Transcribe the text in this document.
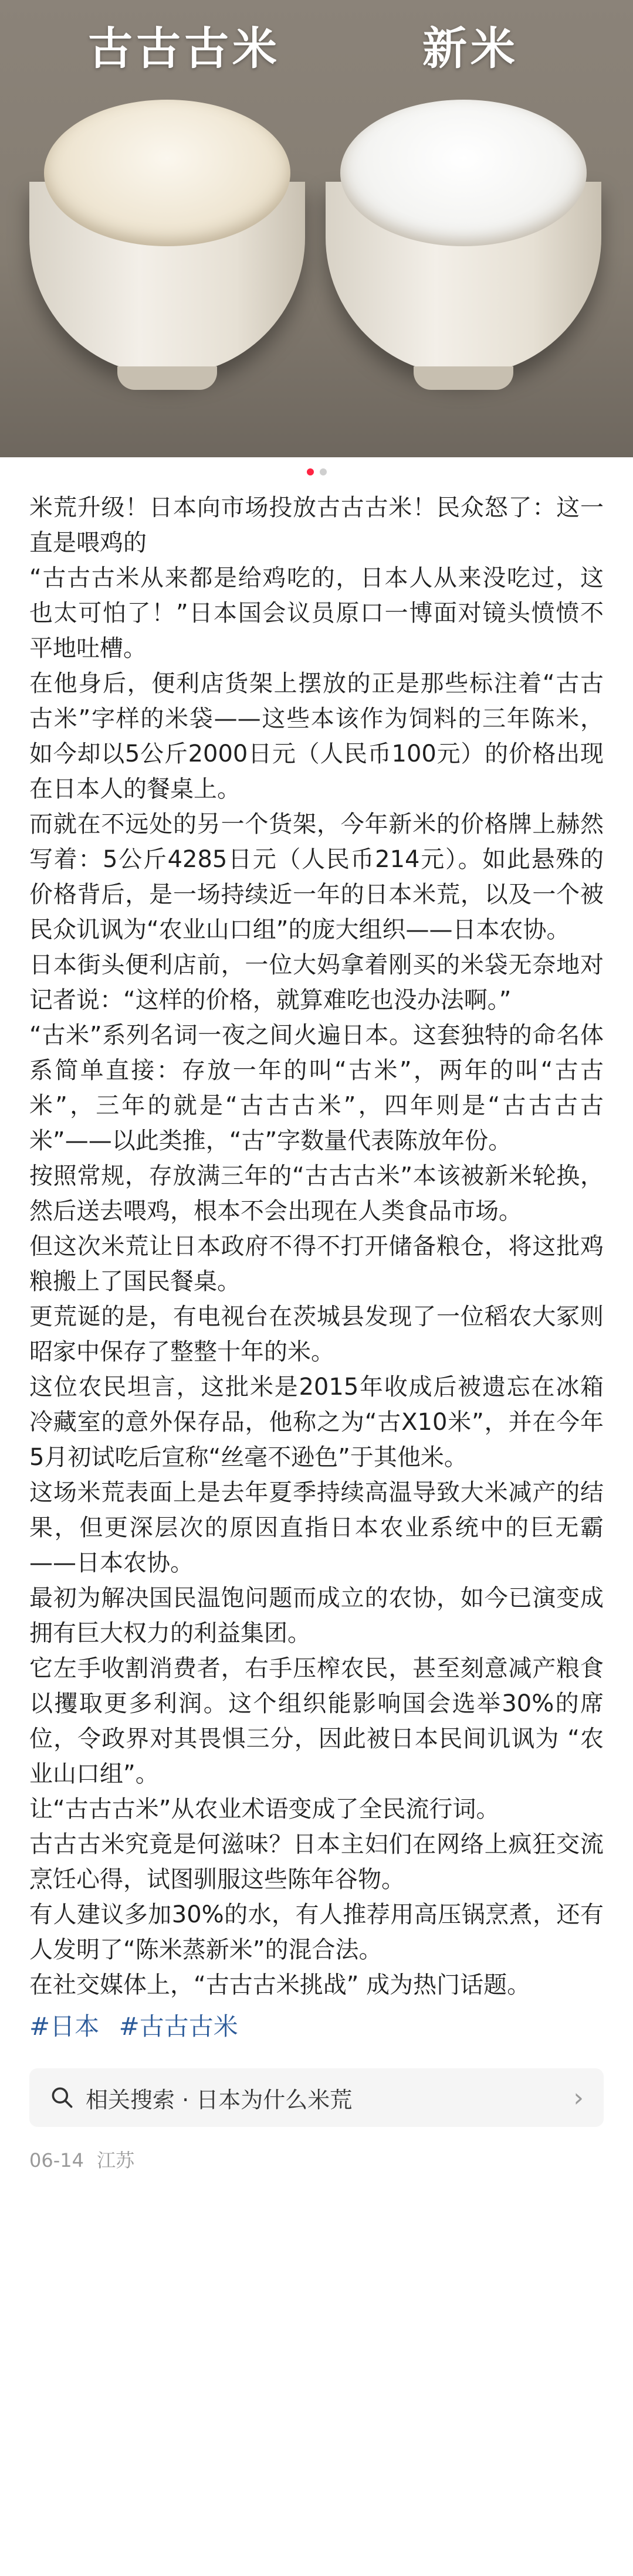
古古古米	新米

米荒升级！日本向市场投放古古古米！民众怒了：这一直是喂鸡的

“古古古米从来都是给鸡吃的，日本人从来没吃过，这也太可怕了！”日本国会议员原口一博面对镜头愤愤不平地吐槽。

在他身后，便利店货架上摆放的正是那些标注着“古古古米”字样的米袋——这些本该作为饲料的三年陈米，如今却以5公斤2000日元（人民币100元）的价格出现在日本人的餐桌上。

而就在不远处的另一个货架，今年新米的价格牌上赫然写着：5公斤4285日元（人民币214元）。如此悬殊的价格背后，是一场持续近一年的日本米荒，以及一个被民众讥讽为“农业山口组”的庞大组织——日本农协。

日本街头便利店前，一位大妈拿着刚买的米袋无奈地对记者说：“这样的价格，就算难吃也没办法啊。”

“古米”系列名词一夜之间火遍日本。这套独特的命名体系简单直接：存放一年的叫“古米”，两年的叫“古古米”，三年的就是“古古古米”，四年则是“古古古古米”——以此类推，“古”字数量代表陈放年份。

按照常规，存放满三年的“古古古米”本该被新米轮换，然后送去喂鸡，根本不会出现在人类食品市场。

但这次米荒让日本政府不得不打开储备粮仓，将这批鸡粮搬上了国民餐桌。

更荒诞的是，有电视台在茨城县发现了一位稻农大冢则昭家中保存了整整十年的米。

这位农民坦言，这批米是2015年收成后被遗忘在冰箱冷藏室的意外保存品，他称之为“古X10米”，并在今年5月初试吃后宣称“丝毫不逊色”于其他米。

这场米荒表面上是去年夏季持续高温导致大米减产的结果，但更深层次的原因直指日本农业系统中的巨无霸——日本农协。

最初为解决国民温饱问题而成立的农协，如今已演变成拥有巨大权力的利益集团。

它左手收割消费者，右手压榨农民，甚至刻意减产粮食以攫取更多利润。这个组织能影响国会选举30%的席位，令政界对其畏惧三分，因此被日本民间讥讽为 “农业山口组”。

让“古古古米”从农业术语变成了全民流行词。

古古古米究竟是何滋味？日本主妇们在网络上疯狂交流烹饪心得，试图驯服这些陈年谷物。

有人建议多加30%的水，有人推荐用高压锅烹煮，还有人发明了“陈米蒸新米”的混合法。

在社交媒体上，“古古古米挑战” 成为热门话题。

#日本 #古古古米
相关搜索 · 日本为什么米荒	›
06-14 江苏
